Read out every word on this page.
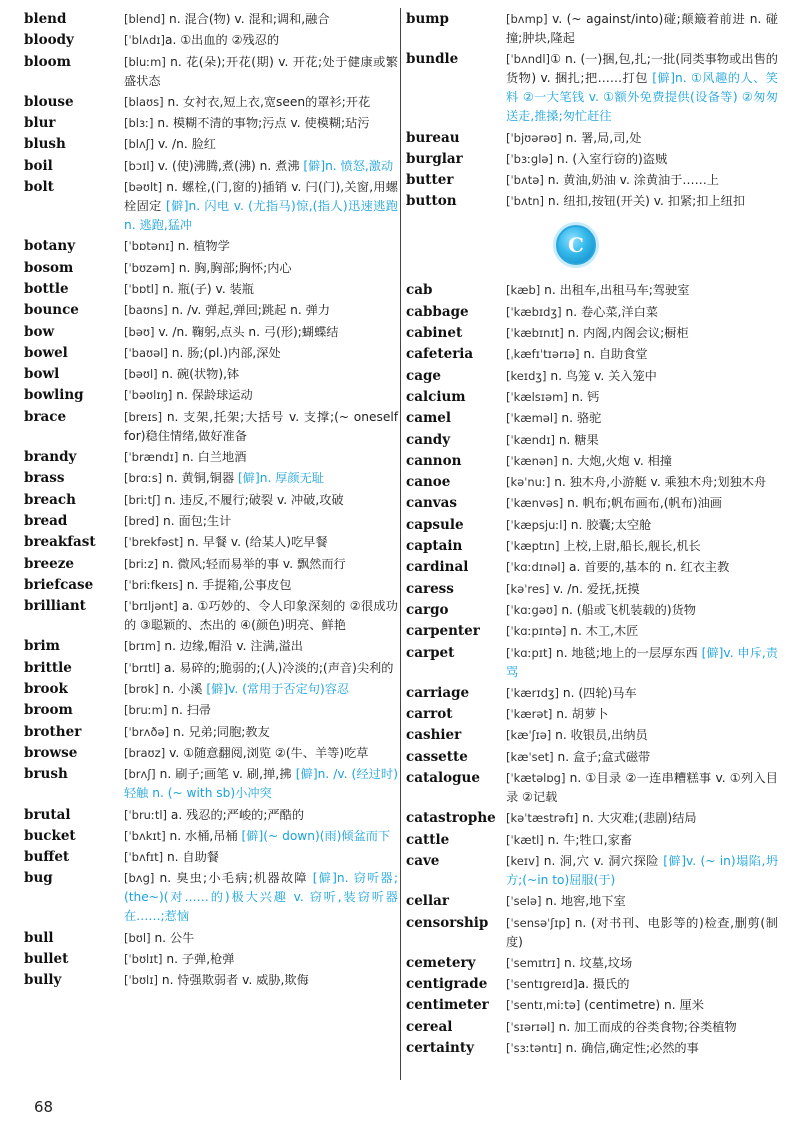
blend	[blend] n. 混合(物) v. 混和;调和,融合
bloody	[ˈblʌdɪ]a. ①出血的 ②残忍的
bloom	[bluːm] n. 花(朵);开花(期) v. 开花;处于健康或繁盛状态
blouse	[blaʊs] n. 女衬衣,短上衣,宽seen的罩衫;开花
blur	[blɜː] n. 模糊不清的事物;污点 v. 使模糊;玷污
blush	[blʌʃ] v. /n. 脸红
boil	[bɔɪl] v. (使)沸腾,煮(沸) n. 煮沸 [僻]n. 愤怒,激动
bolt	[bəʊlt] n. 螺栓,(门,窗的)插销 v. 闩(门),关窗,用螺栓固定 [僻]n. 闪电 v. (尤指马)惊,(指人)迅速逃跑 n. 逃跑,猛冲
botany	[ˈbɒtənɪ] n. 植物学
bosom	[ˈbʊzəm] n. 胸,胸部;胸怀;内心
bottle	[ˈbɒtl] n. 瓶(子) v. 装瓶
bounce	[baʊns] n. /v. 弹起,弹回;跳起 n. 弹力
bow	[bəʊ] v. /n. 鞠躬,点头 n. 弓(形);蝴蝶结
bowel	[ˈbaʊəl] n. 肠;(pl.)内部,深处
bowl	[bəʊl] n. 碗(状物),钵
bowling	[ˈbəʊlɪŋ] n. 保龄球运动
brace	[breɪs] n. 支架,托架;大括号 v. 支撑;(~ oneself for)稳住情绪,做好准备
brandy	[ˈbrændɪ] n. 白兰地酒
brass	[brɑːs] n. 黄铜,铜器 [僻]n. 厚颜无耻
breach	[briːtʃ] n. 违反,不履行;破裂 v. 冲破,攻破
bread	[bred] n. 面包;生计
breakfast	[ˈbrekfəst] n. 早餐 v. (给某人)吃早餐
breeze	[briːz] n. 微风;轻而易举的事 v. 飘然而行
briefcase	[ˈbriːfkeɪs] n. 手提箱,公事皮包
brilliant	[ˈbrɪljənt] a. ①巧妙的、令人印象深刻的 ②很成功的 ③聪颖的、杰出的 ④(颜色)明亮、鲜艳
brim	[brɪm] n. 边缘,帽沿 v. 注满,溢出
brittle	[ˈbrɪtl] a. 易碎的;脆弱的;(人)冷淡的;(声音)尖利的
brook	[brʊk] n. 小溪 [僻]v. (常用于否定句)容忍
broom	[bruːm] n. 扫帚
brother	[ˈbrʌðə] n. 兄弟;同胞;教友
browse	[braʊz] v. ①随意翻阅,浏览 ②(牛、羊等)吃草
brush	[brʌʃ] n. 刷子;画笔 v. 刷,掸,拂 [僻]n. /v. (经过时)轻触 n. (~ with sb)小冲突
brutal	[ˈbruːtl] a. 残忍的;严峻的;严酷的
bucket	[ˈbʌkɪt] n. 水桶,吊桶 [僻](~ down)(雨)倾盆而下
buffet	[ˈbʌfɪt] n. 自助餐
bug	[bʌg] n. 臭虫;小毛病;机器故障 [僻]n. 窃听器;(the~)(对……的)极大兴趣 v. 窃听,装窃听器在……;惹恼
bull	[bʊl] n. 公牛
bullet	[ˈbʊlɪt] n. 子弹,枪弹
bully	[ˈbʊlɪ] n. 恃强欺弱者 v. 威胁,欺侮
bump	[bʌmp] v. (~ against/into)碰;颠簸着前进 n. 碰撞;肿块,隆起
bundle	[ˈbʌndl]① n. (一)捆,包,扎;一批(同类事物或出售的货物) v. 捆扎;把……打包 [僻]n. ①风趣的人、笑料 ②一大笔钱 v. ①额外免费提供(设备等) ②匆匆送走,推搡;匆忙赶往
bureau	[ˈbjʊərəʊ] n. 署,局,司,处
burglar	[ˈbɜːglə] n. (入室行窃的)盗贼
butter	[ˈbʌtə] n. 黄油,奶油 v. 涂黄油于……上
button	[ˈbʌtn] n. 纽扣,按钮(开关) v. 扣紧;扣上纽扣
C
cab	[kæb] n. 出租车,出租马车;驾驶室
cabbage	[ˈkæbɪdʒ] n. 卷心菜,洋白菜
cabinet	[ˈkæbɪnɪt] n. 内阁,内阁会议;橱柜
cafeteria	[ˌkæfɪˈtɪərɪə] n. 自助食堂
cage	[keɪdʒ] n. 鸟笼 v. 关入笼中
calcium	[ˈkælsɪəm] n. 钙
camel	[ˈkæməl] n. 骆驼
candy	[ˈkændɪ] n. 糖果
cannon	[ˈkænən] n. 大炮,火炮 v. 相撞
canoe	[kəˈnuː] n. 独木舟,小游艇 v. 乘独木舟;划独木舟
canvas	[ˈkænvəs] n. 帆布;帆布画布,(帆布)油画
capsule	[ˈkæpsjuːl] n. 胶囊;太空舱
captain	[ˈkæptɪn] 上校,上尉,船长,舰长,机长
cardinal	[ˈkɑːdɪnəl] a. 首要的,基本的 n. 红衣主教
caress	[kəˈres] v. /n. 爱抚,抚摸
cargo	[ˈkɑːgəʊ] n. (船或飞机装载的)货物
carpenter	[ˈkɑːpɪntə] n. 木工,木匠
carpet	[ˈkɑːpɪt] n. 地毯;地上的一层厚东西 [僻]v. 申斥,责骂
carriage	[ˈkærɪdʒ] n. (四轮)马车
carrot	[ˈkærət] n. 胡萝卜
cashier	[kæˈʃɪə] n. 收银员,出纳员
cassette	[kæˈset] n. 盒子;盒式磁带
catalogue	[ˈkætəlɒg] n. ①目录 ②一连串糟糕事 v. ①列入目录 ②记载
catastrophe [kəˈtæstrəfɪ] n. 大灾难;(悲剧)结局
cattle	[ˈkætl] n. 牛;牲口,家畜
cave	[keɪv] n. 洞,穴 v. 洞穴探险 [僻]v. (~ in)塌陷,坍方;(~in to)屈服(于)
cellar	[ˈselə] n. 地窖,地下室
censorship	[ˈsensəˈʃɪp] n. (对书刊、电影等的)检查,删剪(制度)
cemetery	[ˈsemɪtrɪ] n. 坟墓,坟场
centigrade	[ˈsentɪgreɪd]a. 摄氏的
centimeter	[ˈsentɪˌmiːtə] (centimetre) n. 厘米
cereal	[ˈsɪərɪəl] n. 加工而成的谷类食物;谷类植物
certainty	[ˈsɜːtəntɪ] n. 确信,确定性;必然的事
68
